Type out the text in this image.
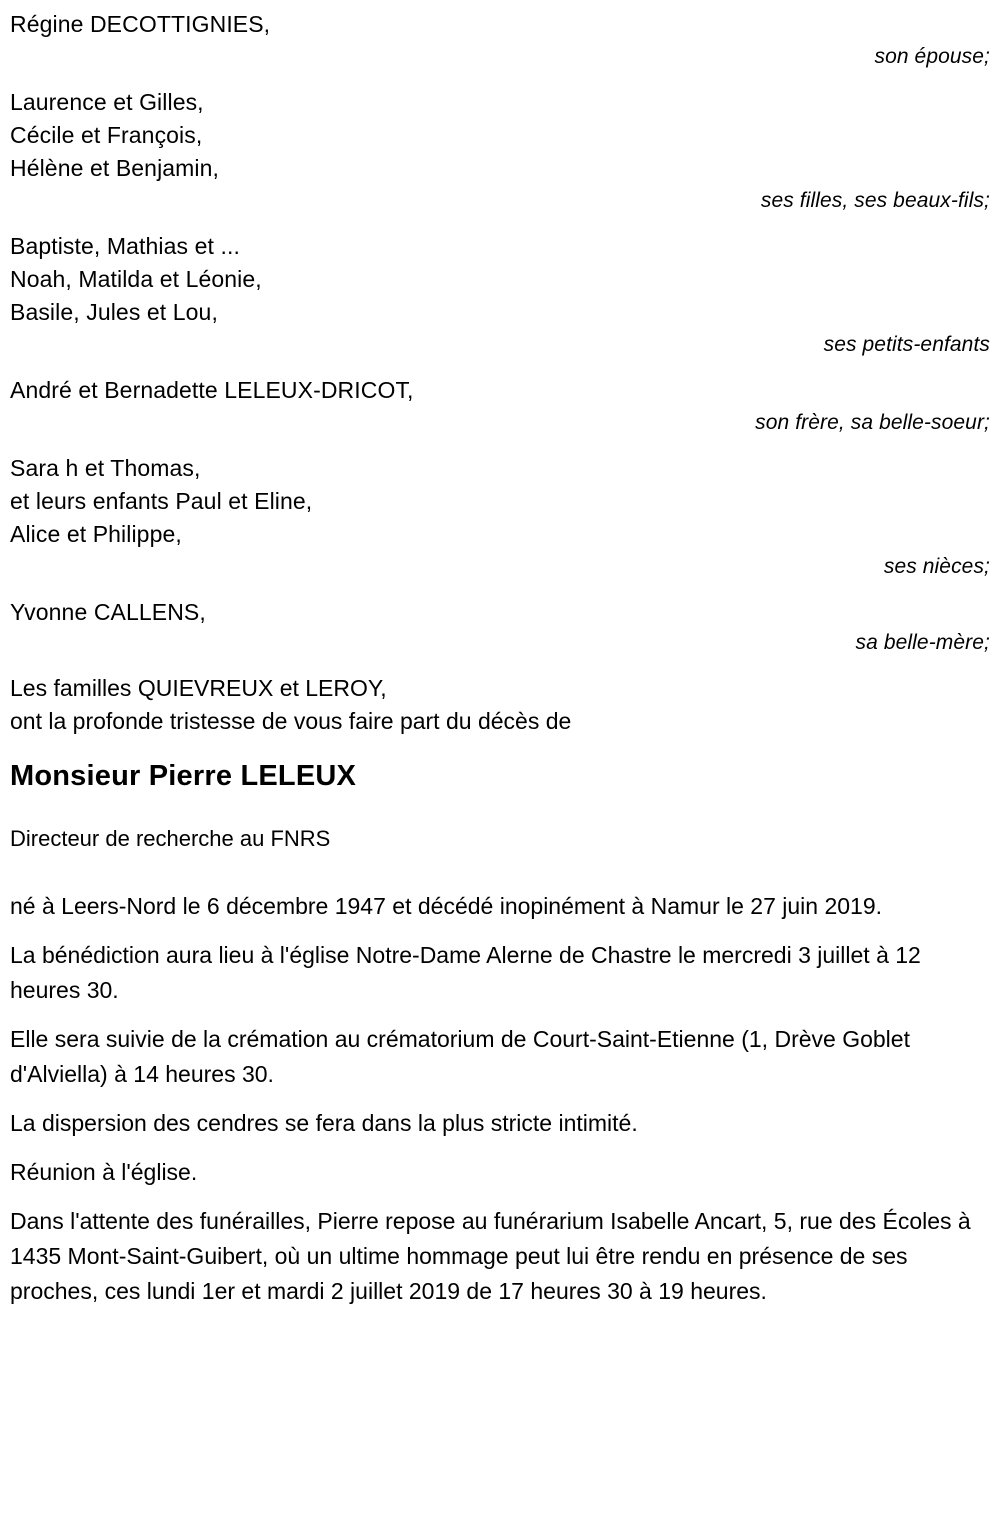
Régine DECOTTIGNIES,
son épouse;
Laurence et Gilles,
Cécile et François,
Hélène et Benjamin,
ses filles, ses beaux-fils;
Baptiste, Mathias et ...
Noah, Matilda et Léonie,
Basile, Jules et Lou,
ses petits-enfants
André et Bernadette LELEUX-DRICOT,
son frère, sa belle-soeur;
Sara h et Thomas,
et leurs enfants Paul et Eline,
Alice et Philippe,
ses nièces;
Yvonne CALLENS,
sa belle-mère;
Les familles QUIEVREUX et LEROY,
ont la profonde tristesse de vous faire part du décès de
Monsieur Pierre LELEUX
Directeur de recherche au FNRS
né à Leers-Nord le 6 décembre 1947 et décédé inopinément à Namur le 27 juin 2019.
La bénédiction aura lieu à l'église Notre-Dame Alerne de Chastre le mercredi 3 juillet à 12 heures 30.
Elle sera suivie de la crémation au crématorium de Court-Saint-Etienne (1, Drève Goblet d'Alviella) à 14 heures 30.
La dispersion des cendres se fera dans la plus stricte intimité.
Réunion à l'église.
Dans l'attente des funérailles, Pierre repose au funérarium Isabelle Ancart, 5, rue des Écoles à 1435 Mont-Saint-Guibert, où un ultime hommage peut lui être rendu en présence de ses proches, ces lundi 1er et mardi 2 juillet 2019 de 17 heures 30 à 19 heures.
